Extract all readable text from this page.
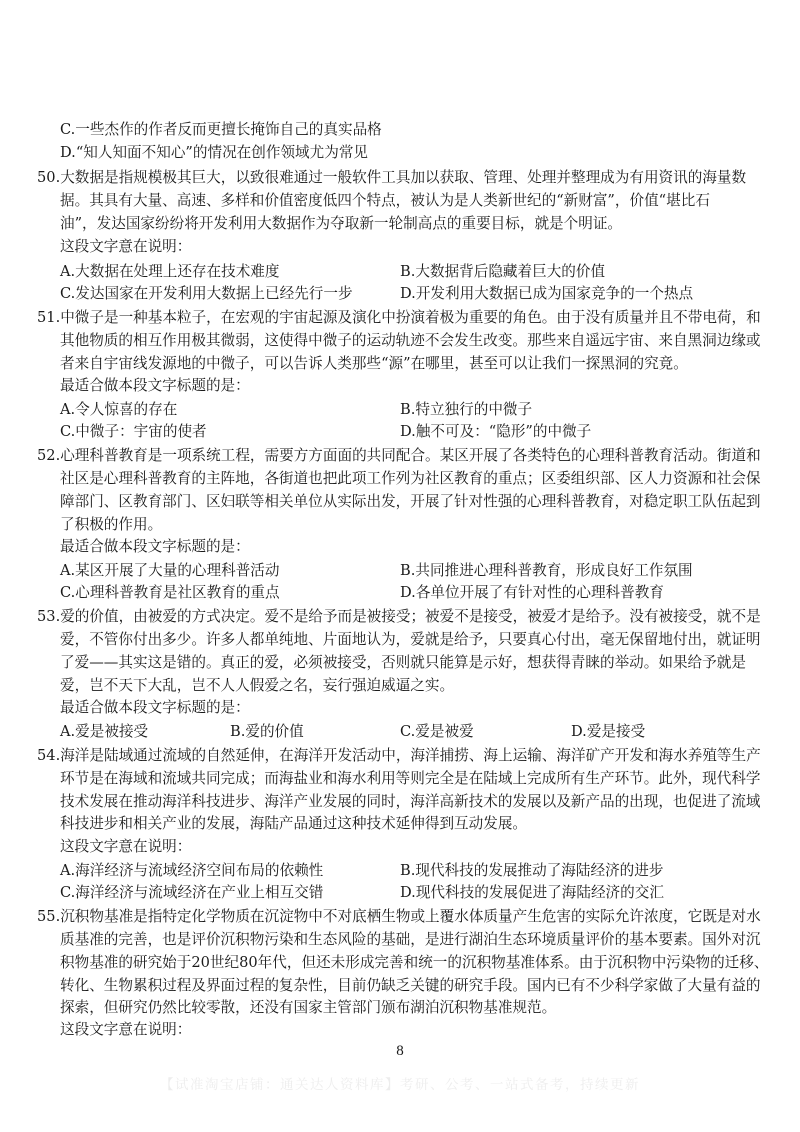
C.一些杰作的作者反而更擅长掩饰自己的真实品格
D.“知人知面不知心”的情况在创作领域尤为常见
50.大数据是指规模极其巨大，以致很难通过一般软件工具加以获取、管理、处理并整理成为有用资讯的海量数
据。其具有大量、高速、多样和价值密度低四个特点，被认为是人类新世纪的“新财富”，价值“堪比石
油”，发达国家纷纷将开发利用大数据作为夺取新一轮制高点的重要目标，就是个明证。
这段文字意在说明：
A.大数据在处理上还存在技术难度	B.大数据背后隐藏着巨大的价值
C.发达国家在开发利用大数据上已经先行一步	D.开发利用大数据已成为国家竞争的一个热点
51.中微子是一种基本粒子，在宏观的宇宙起源及演化中扮演着极为重要的角色。由于没有质量并且不带电荷，和
其他物质的相互作用极其微弱，这使得中微子的运动轨迹不会发生改变。那些来自遥远宇宙、来自黑洞边缘或
者来自宇宙线发源地的中微子，可以告诉人类那些“源”在哪里，甚至可以让我们一探黑洞的究竟。
最适合做本段文字标题的是：
A.令人惊喜的存在	B.特立独行的中微子
C.中微子：宇宙的使者	D.触不可及：“隐形”的中微子
52.心理科普教育是一项系统工程，需要方方面面的共同配合。某区开展了各类特色的心理科普教育活动。街道和
社区是心理科普教育的主阵地，各街道也把此项工作列为社区教育的重点；区委组织部、区人力资源和社会保
障部门、区教育部门、区妇联等相关单位从实际出发，开展了针对性强的心理科普教育，对稳定职工队伍起到
了积极的作用。
最适合做本段文字标题的是：
A.某区开展了大量的心理科普活动	B.共同推进心理科普教育，形成良好工作氛围
C.心理科普教育是社区教育的重点	D.各单位开展了有针对性的心理科普教育
53.爱的价值，由被爱的方式决定。爱不是给予而是被接受；被爱不是接受，被爱才是给予。没有被接受，就不是
爱，不管你付出多少。许多人都单纯地、片面地认为，爱就是给予，只要真心付出，毫无保留地付出，就证明
了爱——其实这是错的。真正的爱，必须被接受，否则就只能算是示好，想获得青睐的举动。如果给予就是
爱，岂不天下大乱，岂不人人假爱之名，妄行强迫威逼之实。
最适合做本段文字标题的是：
A.爱是被接受	B.爱的价值	C.爱是被爱	D.爱是接受
54.海洋是陆域通过流域的自然延伸，在海洋开发活动中，海洋捕捞、海上运输、海洋矿产开发和海水养殖等生产
环节是在海域和流域共同完成；而海盐业和海水利用等则完全是在陆域上完成所有生产环节。此外，现代科学
技术发展在推动海洋科技进步、海洋产业发展的同时，海洋高新技术的发展以及新产品的出现，也促进了流域
科技进步和相关产业的发展，海陆产品通过这种技术延伸得到互动发展。
这段文字意在说明：
A.海洋经济与流域经济空间布局的依赖性	B.现代科技的发展推动了海陆经济的进步
C.海洋经济与流域经济在产业上相互交错	D.现代科技的发展促进了海陆经济的交汇
55.沉积物基准是指特定化学物质在沉淀物中不对底栖生物或上覆水体质量产生危害的实际允许浓度，它既是对水
质基准的完善，也是评价沉积物污染和生态风险的基础，是进行湖泊生态环境质量评价的基本要素。国外对沉
积物基准的研究始于20世纪80年代，但还未形成完善和统一的沉积物基准体系。由于沉积物中污染物的迁移、
转化、生物累积过程及界面过程的复杂性，目前仍缺乏关键的研究手段。国内已有不少科学家做了大量有益的
探索，但研究仍然比较零散，还没有国家主管部门颁布湖泊沉积物基准规范。
这段文字意在说明：
8
【试准淘宝店铺：通关达人资料库】考研、公考、一站式备考，持续更新
